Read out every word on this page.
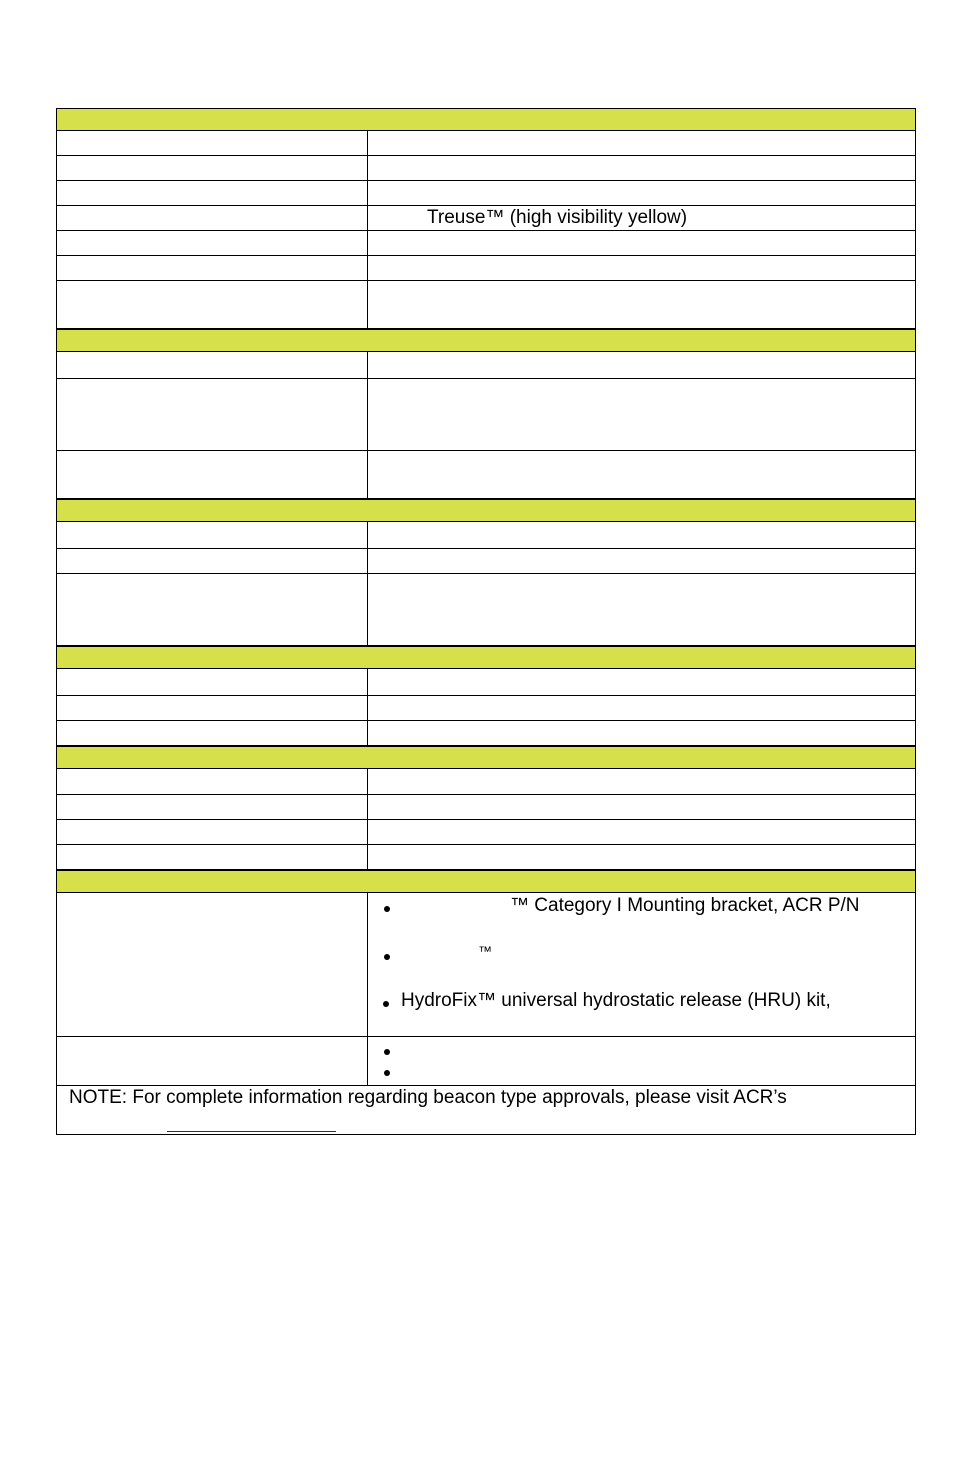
Treuse™ (high visibility yellow)
™ Category I Mounting bracket, ACR P/N
™
HydroFix™ universal hydrostatic release (HRU) kit,
NOTE: For complete information regarding beacon type approvals, please visit ACR’s
